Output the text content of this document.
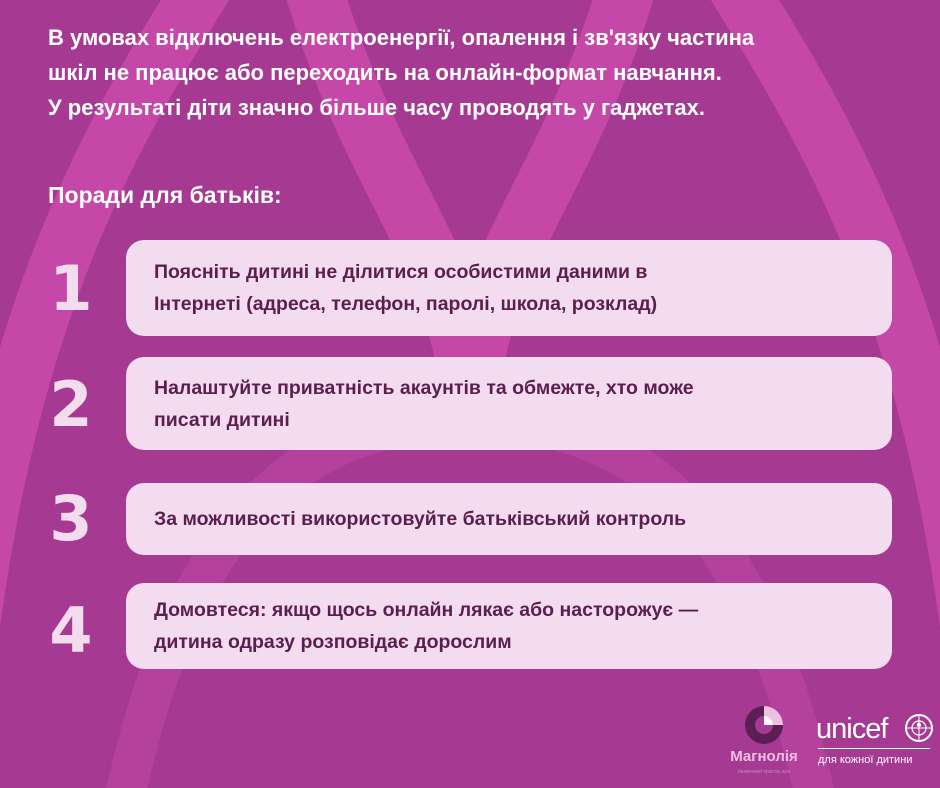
В умовах відключень електроенергії, опалення і зв'язку частина
шкіл не працює або переходить на онлайн-формат навчання.
У результаті діти значно більше часу проводять у гаджетах.
Поради для батьків:
1	Поясніть дитині не ділитися особистими даними в
Інтернеті (адреса, телефон, паролі, школа, розклад)
2	Налаштуйте приватність акаунтів та обмежте, хто може
писати дитині
3	За можливості використовуйте батьківський контроль
4	Домовтеся: якщо щось онлайн лякає або насторожує —
дитина одразу розповідає дорослим
Магнолія
безпечний простір для
unicef
для кожної дитини
